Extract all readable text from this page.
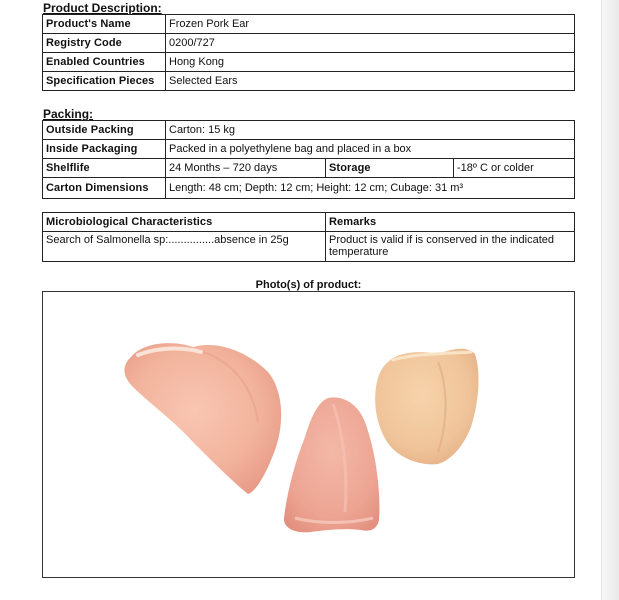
Product Description:
Product's Name	Frozen Pork Ear
Registry Code	0200/727
Enabled Countries	Hong Kong
Specification Pieces	Selected Ears
Packing:
Outside Packing	Carton: 15 kg		
Inside Packaging	Packed in a polyethylene bag and placed in a box		
Shelflife	24 Months – 720 days	Storage	-18º C or colder
Carton Dimensions	Length: 48 cm; Depth: 12 cm; Height: 12 cm; Cubage: 31 m³		
Microbiological Characteristics	Remarks
Search of Salmonella sp:...............absence in 25g	Product is valid if is conserved in the indicated temperature
Photo(s) of product:
